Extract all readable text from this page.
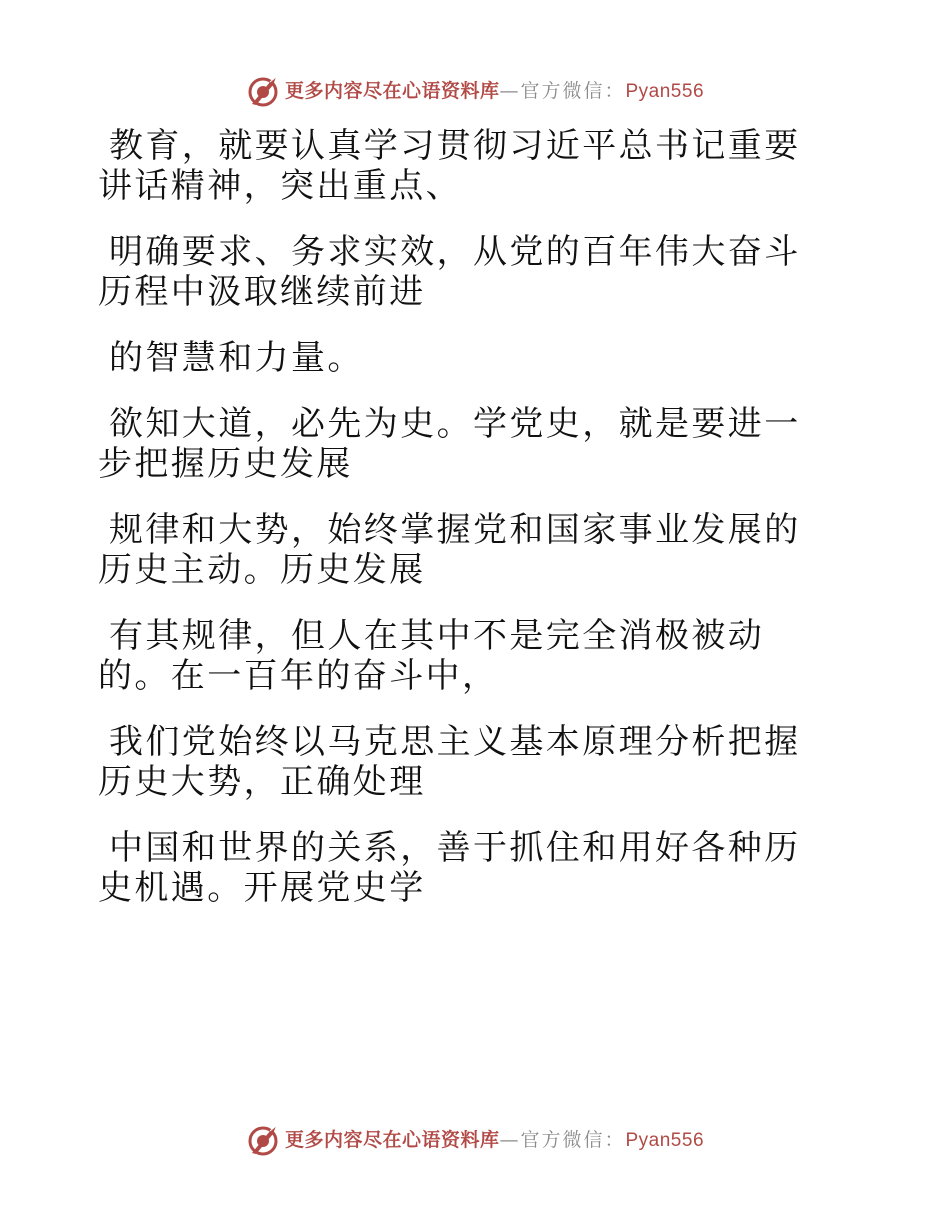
更多内容尽在心语资料库 —官方微信： Pyan556

教育，就要认真学习贯彻习近平总书记重要讲话精神，突出重点、

明确要求、务求实效，从党的百年伟大奋斗历程中汲取继续前进

的智慧和力量。

欲知大道，必先为史。学党史，就是要进一步把握历史发展

规律和大势，始终掌握党和国家事业发展的历史主动。历史发展

有其规律，但人在其中不是完全消极被动的。在一百年的奋斗中，

我们党始终以马克思主义基本原理分析把握历史大势，正确处理

中国和世界的关系，善于抓住和用好各种历史机遇。开展党史学

更多内容尽在心语资料库 —官方微信： Pyan556
